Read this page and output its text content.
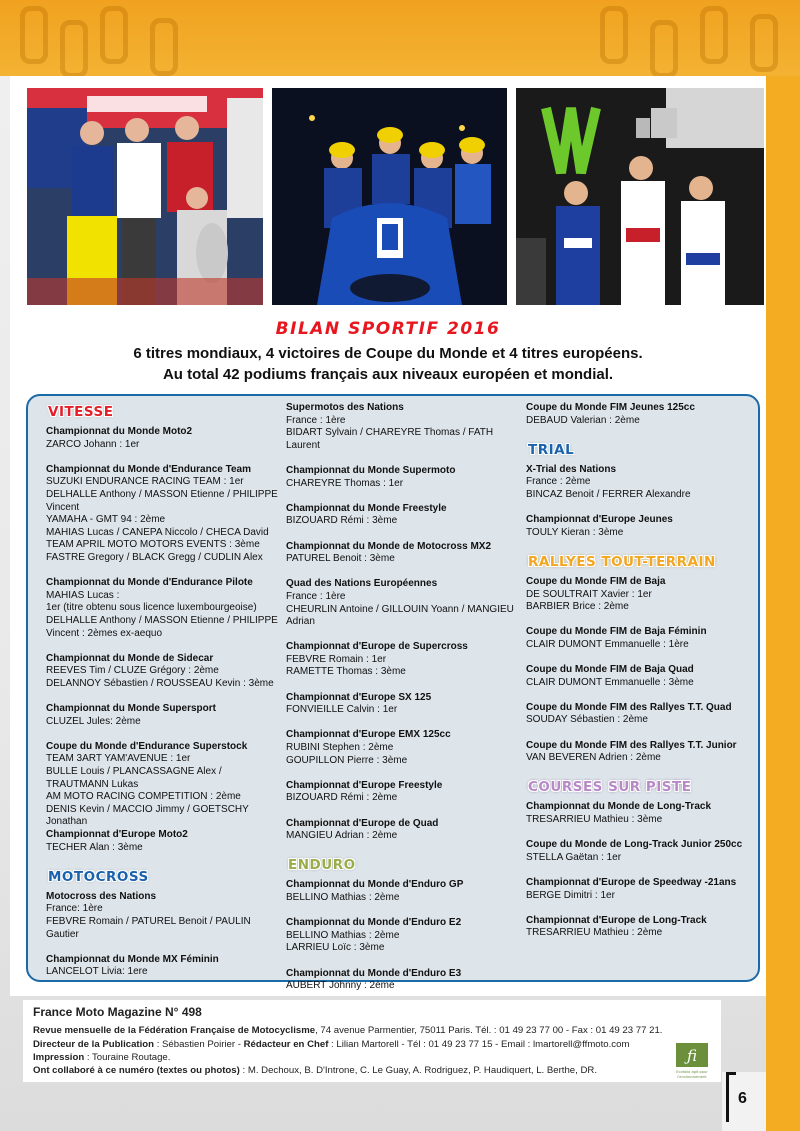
BILAN SPORTIF 2016
6 titres mondiaux, 4 victoires de Coupe du Monde et 4 titres européens.
Au total 42 podiums français aux niveaux européen et mondial.
VITESSE

Championnat du Monde Moto2
ZARCO Johann : 1er
Championnat du Monde d'Endurance Team
SUZUKI ENDURANCE RACING TEAM : 1er
DELHALLE Anthony / MASSON Etienne / PHILIPPE Vincent
YAMAHA - GMT 94 : 2ème
MAHIAS Lucas / CANEPA Niccolo / CHECA David
TEAM APRIL MOTO MOTORS EVENTS : 3ème
FASTRE Gregory / BLACK Gregg / CUDLIN Alex
Championnat du Monde d'Endurance Pilote
MAHIAS Lucas :
1er (titre obtenu sous licence luxembourgeoise)
DELHALLE Anthony / MASSON Etienne / PHILIPPE
Vincent : 2èmes ex-aequo
Championnat du Monde de Sidecar
REEVES Tim / CLUZE Grégory : 2ème
DELANNOY Sébastien / ROUSSEAU Kevin : 3ème
Championnat du Monde Supersport
CLUZEL Jules: 2ème
Coupe du Monde d'Endurance Superstock
TEAM 3ART YAM'AVENUE : 1er
BULLE Louis / PLANCASSAGNE Alex / TRAUTMANN Lukas
AM MOTO RACING COMPETITION : 2ème
DENIS Kevin / MACCIO Jimmy / GOETSCHY Jonathan
Championnat d'Europe Moto2
TECHER Alan : 3ème
MOTOCROSS

Motocross des Nations
France: 1ère
FEBVRE Romain / PATUREL Benoit / PAULIN Gautier
Championnat du Monde MX Féminin
LANCELOT Livia: 1ere
Supermotos des Nations
France : 1ère
BIDART Sylvain / CHAREYRE Thomas / FATH Laurent
Championnat du Monde Supermoto
CHAREYRE Thomas : 1er
Championnat du Monde Freestyle
BIZOUARD Rémi : 3ème
Championnat du Monde de Motocross MX2
PATUREL Benoit : 3ème
Quad des Nations Européennes
France : 1ère
CHEURLIN Antoine / GILLOUIN Yoann / MANGIEU Adrian
Championnat d'Europe de Supercross
FEBVRE Romain : 1er
RAMETTE Thomas : 3ème
Championnat d'Europe SX 125
FONVIEILLE Calvin : 1er
Championnat d'Europe EMX 125cc
RUBINI Stephen : 2ème
GOUPILLON Pierre : 3ème
Championnat d'Europe Freestyle
BIZOUARD Rémi : 2ème
Championnat d'Europe de Quad
MANGIEU Adrian : 2ème
ENDURO

Championnat du Monde d'Enduro GP
BELLINO Mathias : 2ème
Championnat du Monde d'Enduro E2
BELLINO Mathias : 2ème
LARRIEU Loïc : 3ème
Championnat du Monde d'Enduro E3
AUBERT Johnny : 2ème
Coupe du Monde FIM Jeunes 125cc
DEBAUD Valerian : 2ème
TRIAL

X-Trial des Nations
France : 2ème
BINCAZ Benoit / FERRER Alexandre
Championnat d'Europe Jeunes
TOULY Kieran : 3ème
RALLYES TOUT-TERRAIN

Coupe du Monde FIM de Baja
DE SOULTRAIT Xavier : 1er
BARBIER Brice : 2ème
Coupe du Monde FIM de Baja Féminin
CLAIR DUMONT Emmanuelle : 1ère
Coupe du Monde FIM de Baja Quad
CLAIR DUMONT Emmanuelle : 3ème
Coupe du Monde FIM des Rallyes T.T. Quad
SOUDAY Sébastien : 2ème
Coupe du Monde FIM des Rallyes T.T. Junior
VAN BEVEREN Adrien : 2ème
COURSES SUR PISTE

Championnat du Monde de Long-Track
TRESARRIEU Mathieu : 3ème
Coupe du Monde de Long-Track Junior 250cc
STELLA Gaëtan : 1er
Championnat d'Europe de Speedway -21ans
BERGE Dimitri : 1er
Championnat d'Europe de Long-Track
TRESARRIEU Mathieu : 2ème
France Moto Magazine N° 498
Revue mensuelle de la Fédération Française de Motocyclisme, 74 avenue Parmentier, 75011 Paris. Tél. : 01 49 23 77 00 - Fax : 01 49 23 77 21.
Directeur de la Publication : Sébastien Poirier - Rédacteur en Chef : Lilian Martorell - Tél : 01 49 23 77 15 - Email : lmartorell@ffmoto.com
Impression : Touraine Routage.
Ont collaboré à ce numéro (textes ou photos) : M. Dechoux, B. D'Introne, C. Le Guay, A. Rodriguez, P. Haudiquert, L. Berthe, DR.
ƒi
Ecofolio agit pour
l'environnement
6
